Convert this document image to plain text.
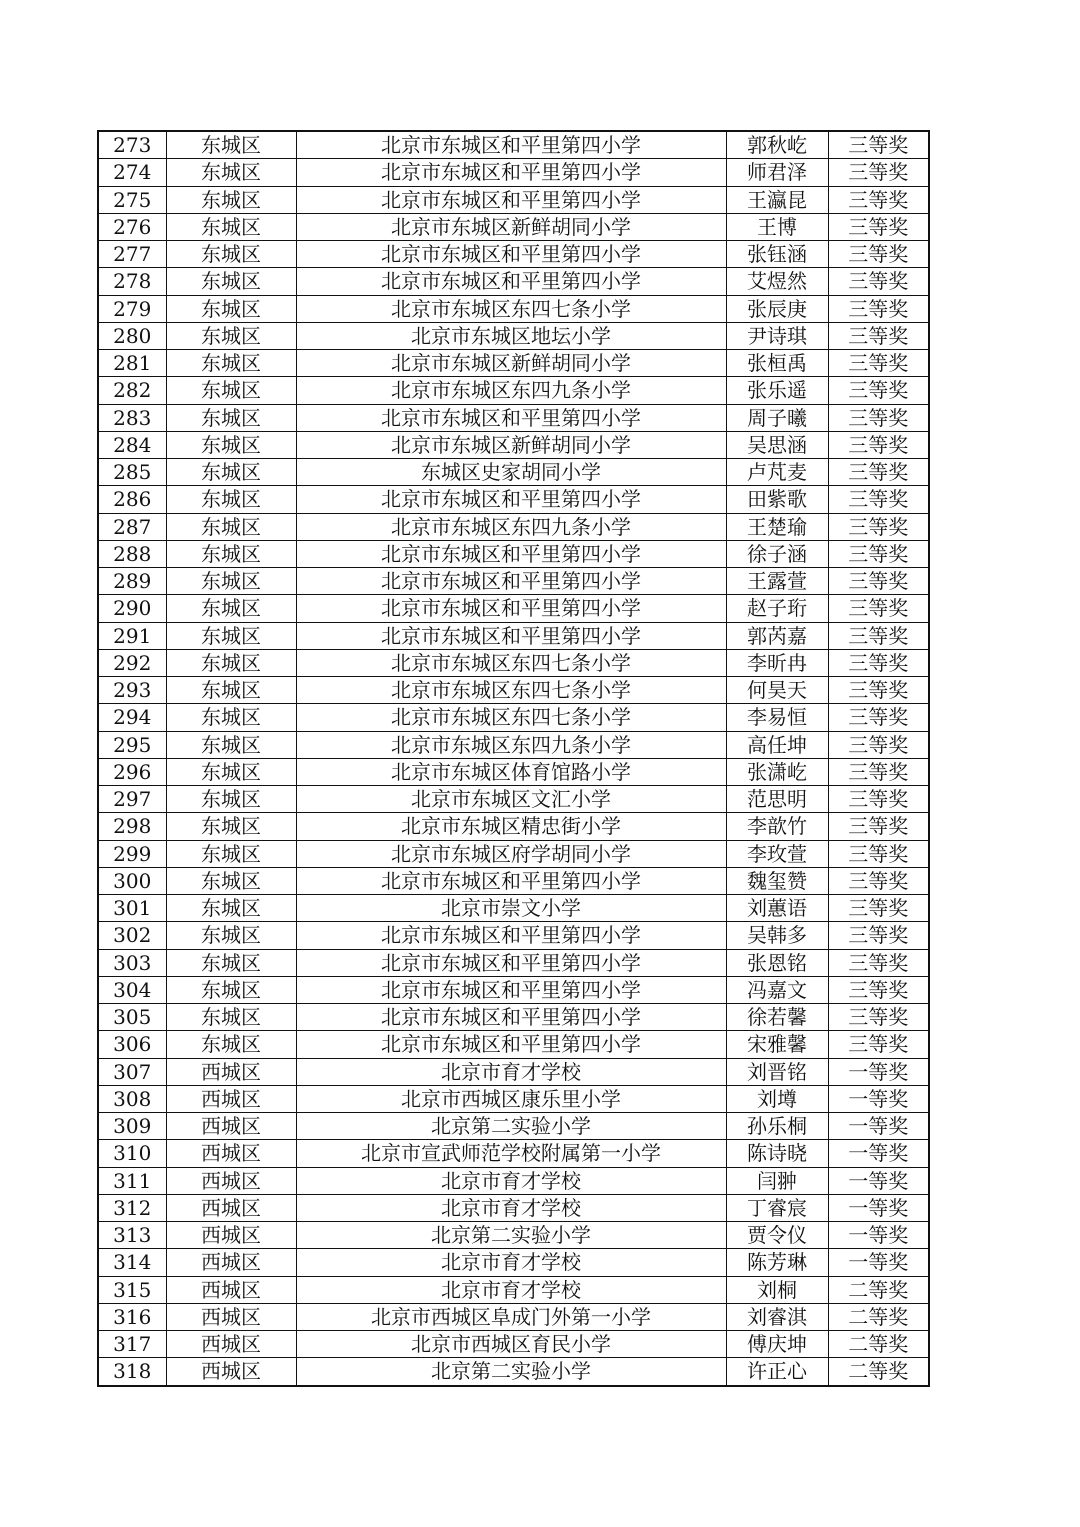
273	东城区	北京市东城区和平里第四小学	郭秋屹	三等奖
274	东城区	北京市东城区和平里第四小学	师君泽	三等奖
275	东城区	北京市东城区和平里第四小学	王瀛昆	三等奖
276	东城区	北京市东城区新鲜胡同小学	王博	三等奖
277	东城区	北京市东城区和平里第四小学	张钰涵	三等奖
278	东城区	北京市东城区和平里第四小学	艾煜然	三等奖
279	东城区	北京市东城区东四七条小学	张辰庚	三等奖
280	东城区	北京市东城区地坛小学	尹诗琪	三等奖
281	东城区	北京市东城区新鲜胡同小学	张桓禹	三等奖
282	东城区	北京市东城区东四九条小学	张乐遥	三等奖
283	东城区	北京市东城区和平里第四小学	周子曦	三等奖
284	东城区	北京市东城区新鲜胡同小学	吴思涵	三等奖
285	东城区	东城区史家胡同小学	卢芃麦	三等奖
286	东城区	北京市东城区和平里第四小学	田紫歌	三等奖
287	东城区	北京市东城区东四九条小学	王楚瑜	三等奖
288	东城区	北京市东城区和平里第四小学	徐子涵	三等奖
289	东城区	北京市东城区和平里第四小学	王露萱	三等奖
290	东城区	北京市东城区和平里第四小学	赵子珩	三等奖
291	东城区	北京市东城区和平里第四小学	郭芮嘉	三等奖
292	东城区	北京市东城区东四七条小学	李昕冉	三等奖
293	东城区	北京市东城区东四七条小学	何昊天	三等奖
294	东城区	北京市东城区东四七条小学	李易恒	三等奖
295	东城区	北京市东城区东四九条小学	高任坤	三等奖
296	东城区	北京市东城区体育馆路小学	张潇屹	三等奖
297	东城区	北京市东城区文汇小学	范思明	三等奖
298	东城区	北京市东城区精忠街小学	李歆竹	三等奖
299	东城区	北京市东城区府学胡同小学	李玫萱	三等奖
300	东城区	北京市东城区和平里第四小学	魏玺赞	三等奖
301	东城区	北京市崇文小学	刘蕙语	三等奖
302	东城区	北京市东城区和平里第四小学	吴韩多	三等奖
303	东城区	北京市东城区和平里第四小学	张恩铭	三等奖
304	东城区	北京市东城区和平里第四小学	冯嘉文	三等奖
305	东城区	北京市东城区和平里第四小学	徐若馨	三等奖
306	东城区	北京市东城区和平里第四小学	宋雅馨	三等奖
307	西城区	北京市育才学校	刘晋铭	一等奖
308	西城区	北京市西城区康乐里小学	刘壿	一等奖
309	西城区	北京第二实验小学	孙乐桐	一等奖
310	西城区	北京市宣武师范学校附属第一小学	陈诗晓	一等奖
311	西城区	北京市育才学校	闫翀	一等奖
312	西城区	北京市育才学校	丁睿宸	一等奖
313	西城区	北京第二实验小学	贾令仪	一等奖
314	西城区	北京市育才学校	陈芳琳	一等奖
315	西城区	北京市育才学校	刘桐	二等奖
316	西城区	北京市西城区阜成门外第一小学	刘睿淇	二等奖
317	西城区	北京市西城区育民小学	傅庆坤	二等奖
318	西城区	北京第二实验小学	许正心	二等奖
